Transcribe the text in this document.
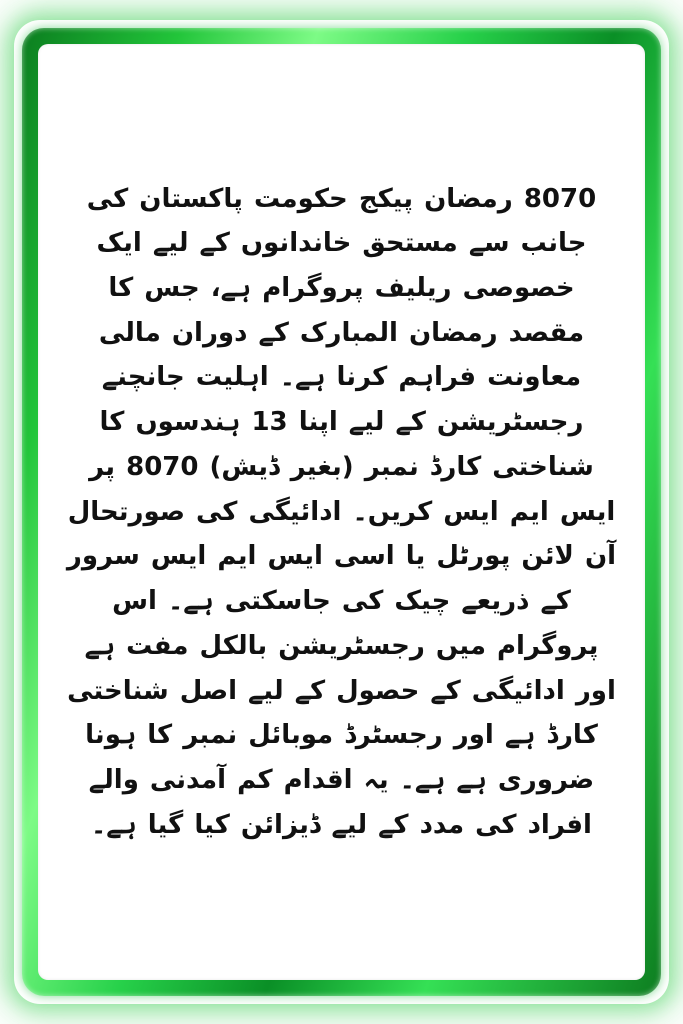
8070 رمضان پیکج حکومت پاکستان کی جانب سے مستحق خاندانوں کے لیے ایک خصوصی ریلیف پروگرام ہے، جس کا مقصد رمضان المبارک کے دوران مالی معاونت فراہم کرنا ہے۔ اہلیت جانچنے رجسٹریشن کے لیے اپنا 13 ہندسوں کا شناختی کارڈ نمبر (بغیر ڈیش) 8070 پر ایس ایم ایس کریں۔ ادائیگی کی صورتحال آن لائن پورٹل یا اسی ایس ایم ایس سرور کے ذریعے چیک کی جاسکتی ہے۔ اس پروگرام میں رجسٹریشن بالکل مفت ہے اور ادائیگی کے حصول کے لیے اصل شناختی کارڈ ہے اور رجسٹرڈ موبائل نمبر کا ہونا ضروری ہے ہے۔ یہ اقدام کم آمدنی والے افراد کی مدد کے لیے ڈیزائن کیا گیا ہے۔
